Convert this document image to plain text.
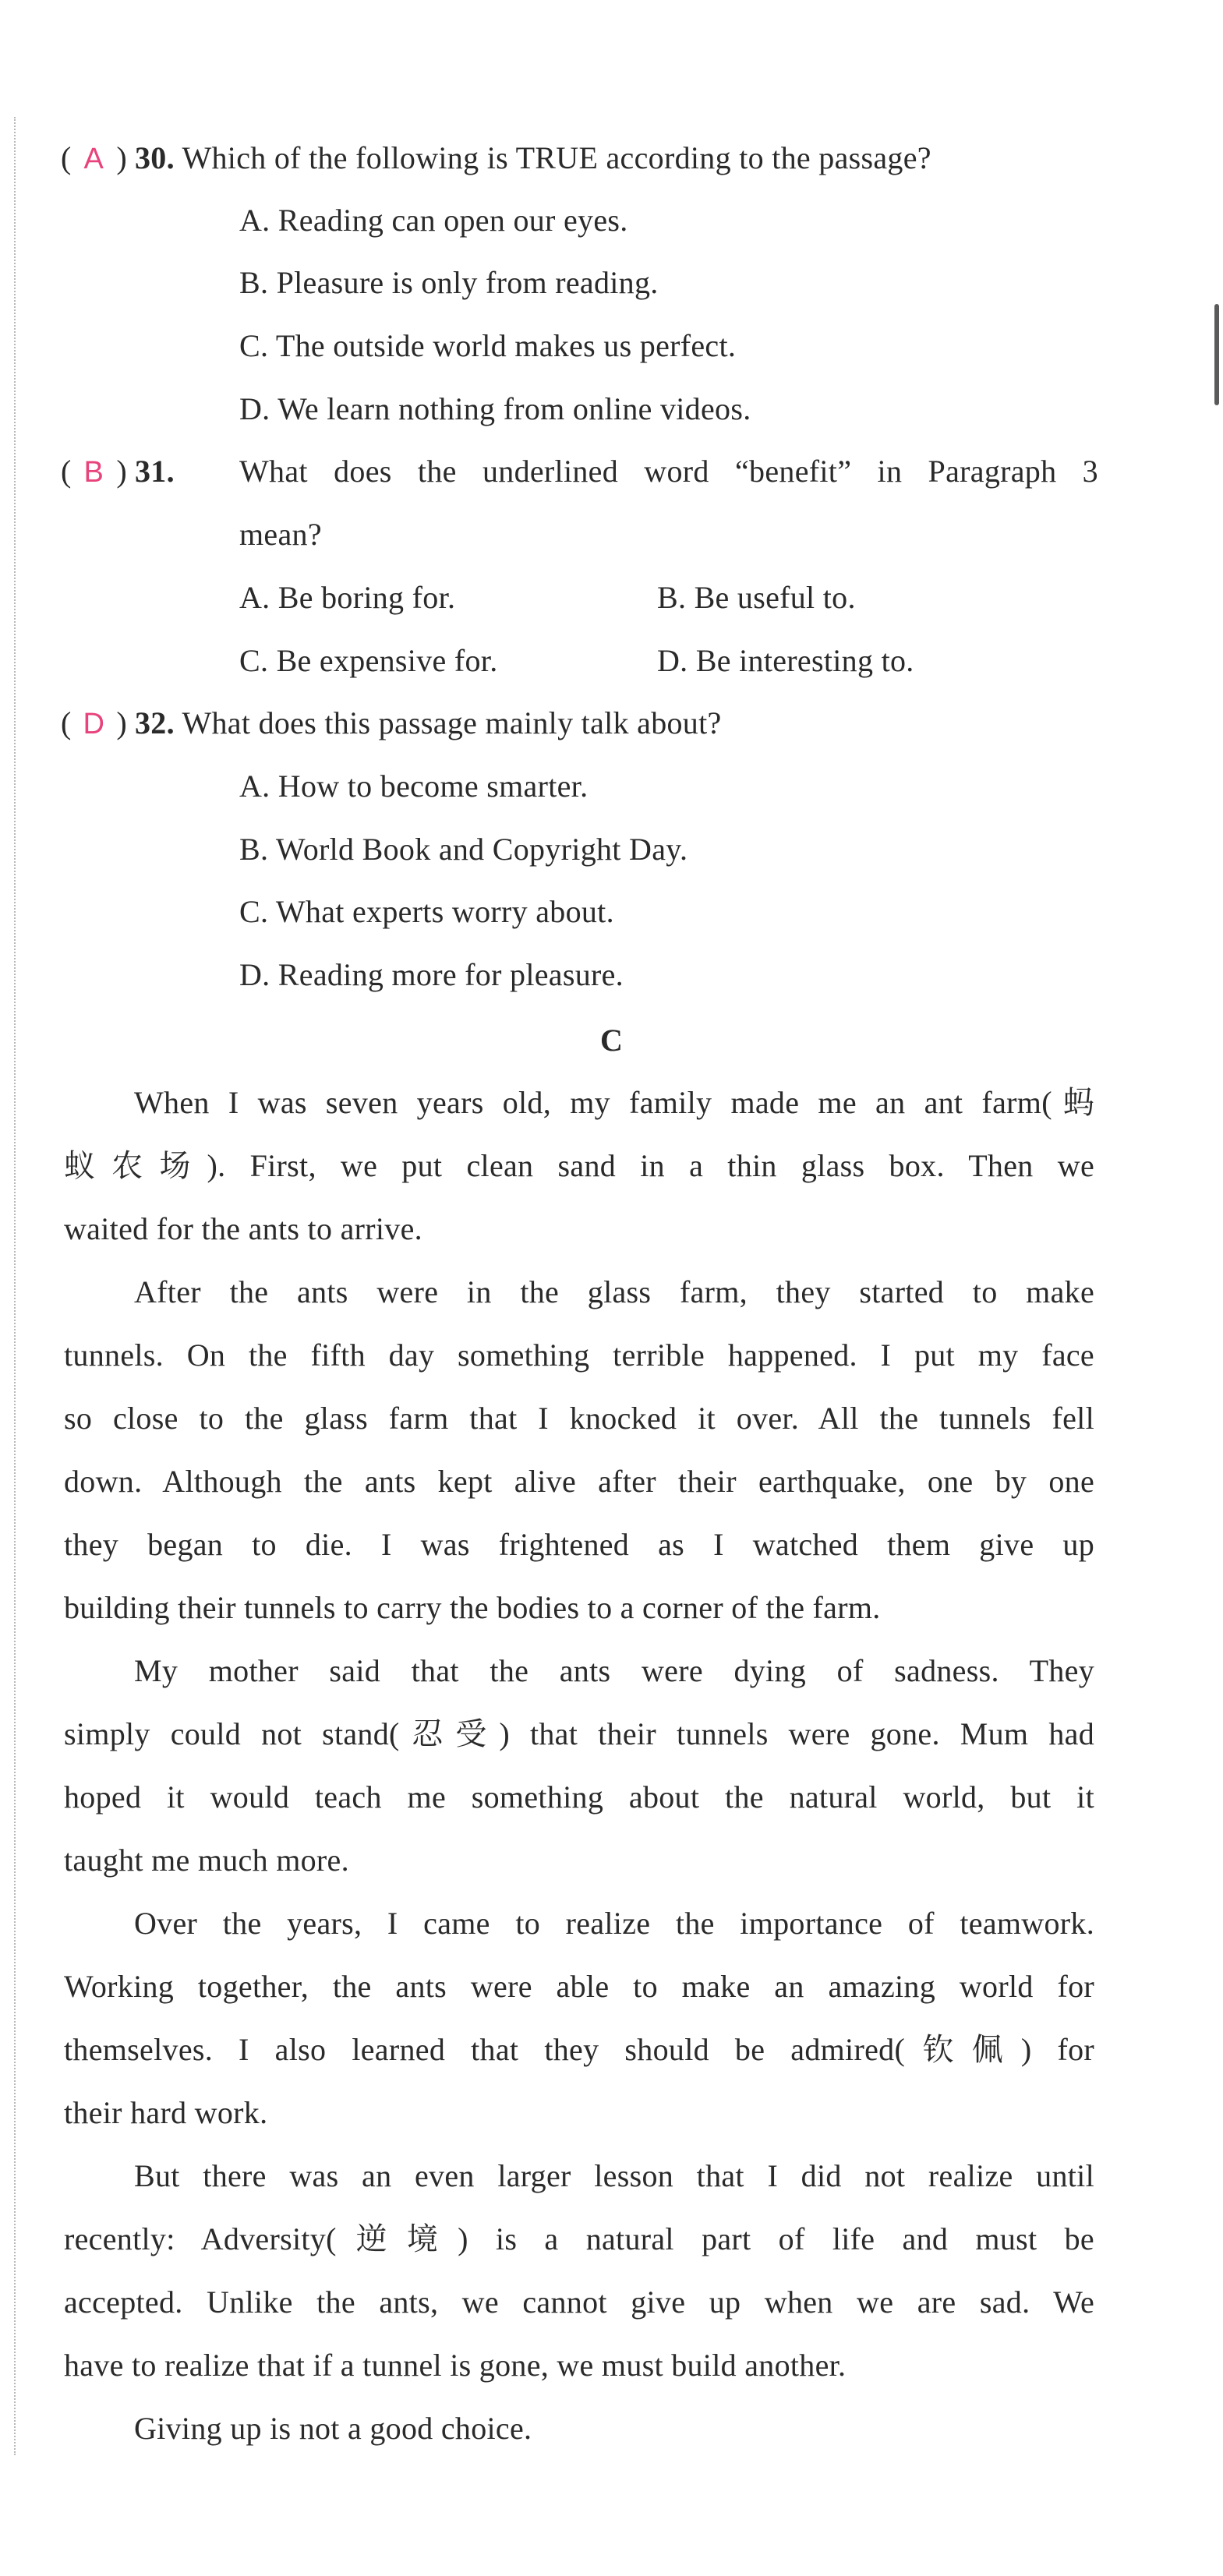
( A ) 30. Which of the following is TRUE according to the passage?
A. Reading can open our eyes.
B. Pleasure is only from reading.
C. The outside world makes us perfect.
D. We learn nothing from online videos.
( B ) 31. What does the underlined word “benefit” in Paragraph 3
mean?
A. Be boring for.	B. Be useful to.
C. Be expensive for.	D. Be interesting to.
( D ) 32. What does this passage mainly talk about?
A. How to become smarter.
B. World Book and Copyright Day.
C. What experts worry about.
D. Reading more for pleasure.
C
When I was seven years old, my family made me an ant farm(蚂
蚁农场). First, we put clean sand in a thin glass box. Then we
waited for the ants to arrive.
After the ants were in the glass farm, they started to make
tunnels. On the fifth day something terrible happened. I put my face
so close to the glass farm that I knocked it over. All the tunnels fell
down. Although the ants kept alive after their earthquake, one by one
they began to die. I was frightened as I watched them give up
building their tunnels to carry the bodies to a corner of the farm.
My mother said that the ants were dying of sadness. They
simply could not stand(忍受) that their tunnels were gone. Mum had
hoped it would teach me something about the natural world, but it
taught me much more.
Over the years, I came to realize the importance of teamwork.
Working together, the ants were able to make an amazing world for
themselves. I also learned that they should be admired(钦佩) for
their hard work.
But there was an even larger lesson that I did not realize until
recently: Adversity(逆境) is a natural part of life and must be
accepted. Unlike the ants, we cannot give up when we are sad. We
have to realize that if a tunnel is gone, we must build another.
Giving up is not a good choice.
